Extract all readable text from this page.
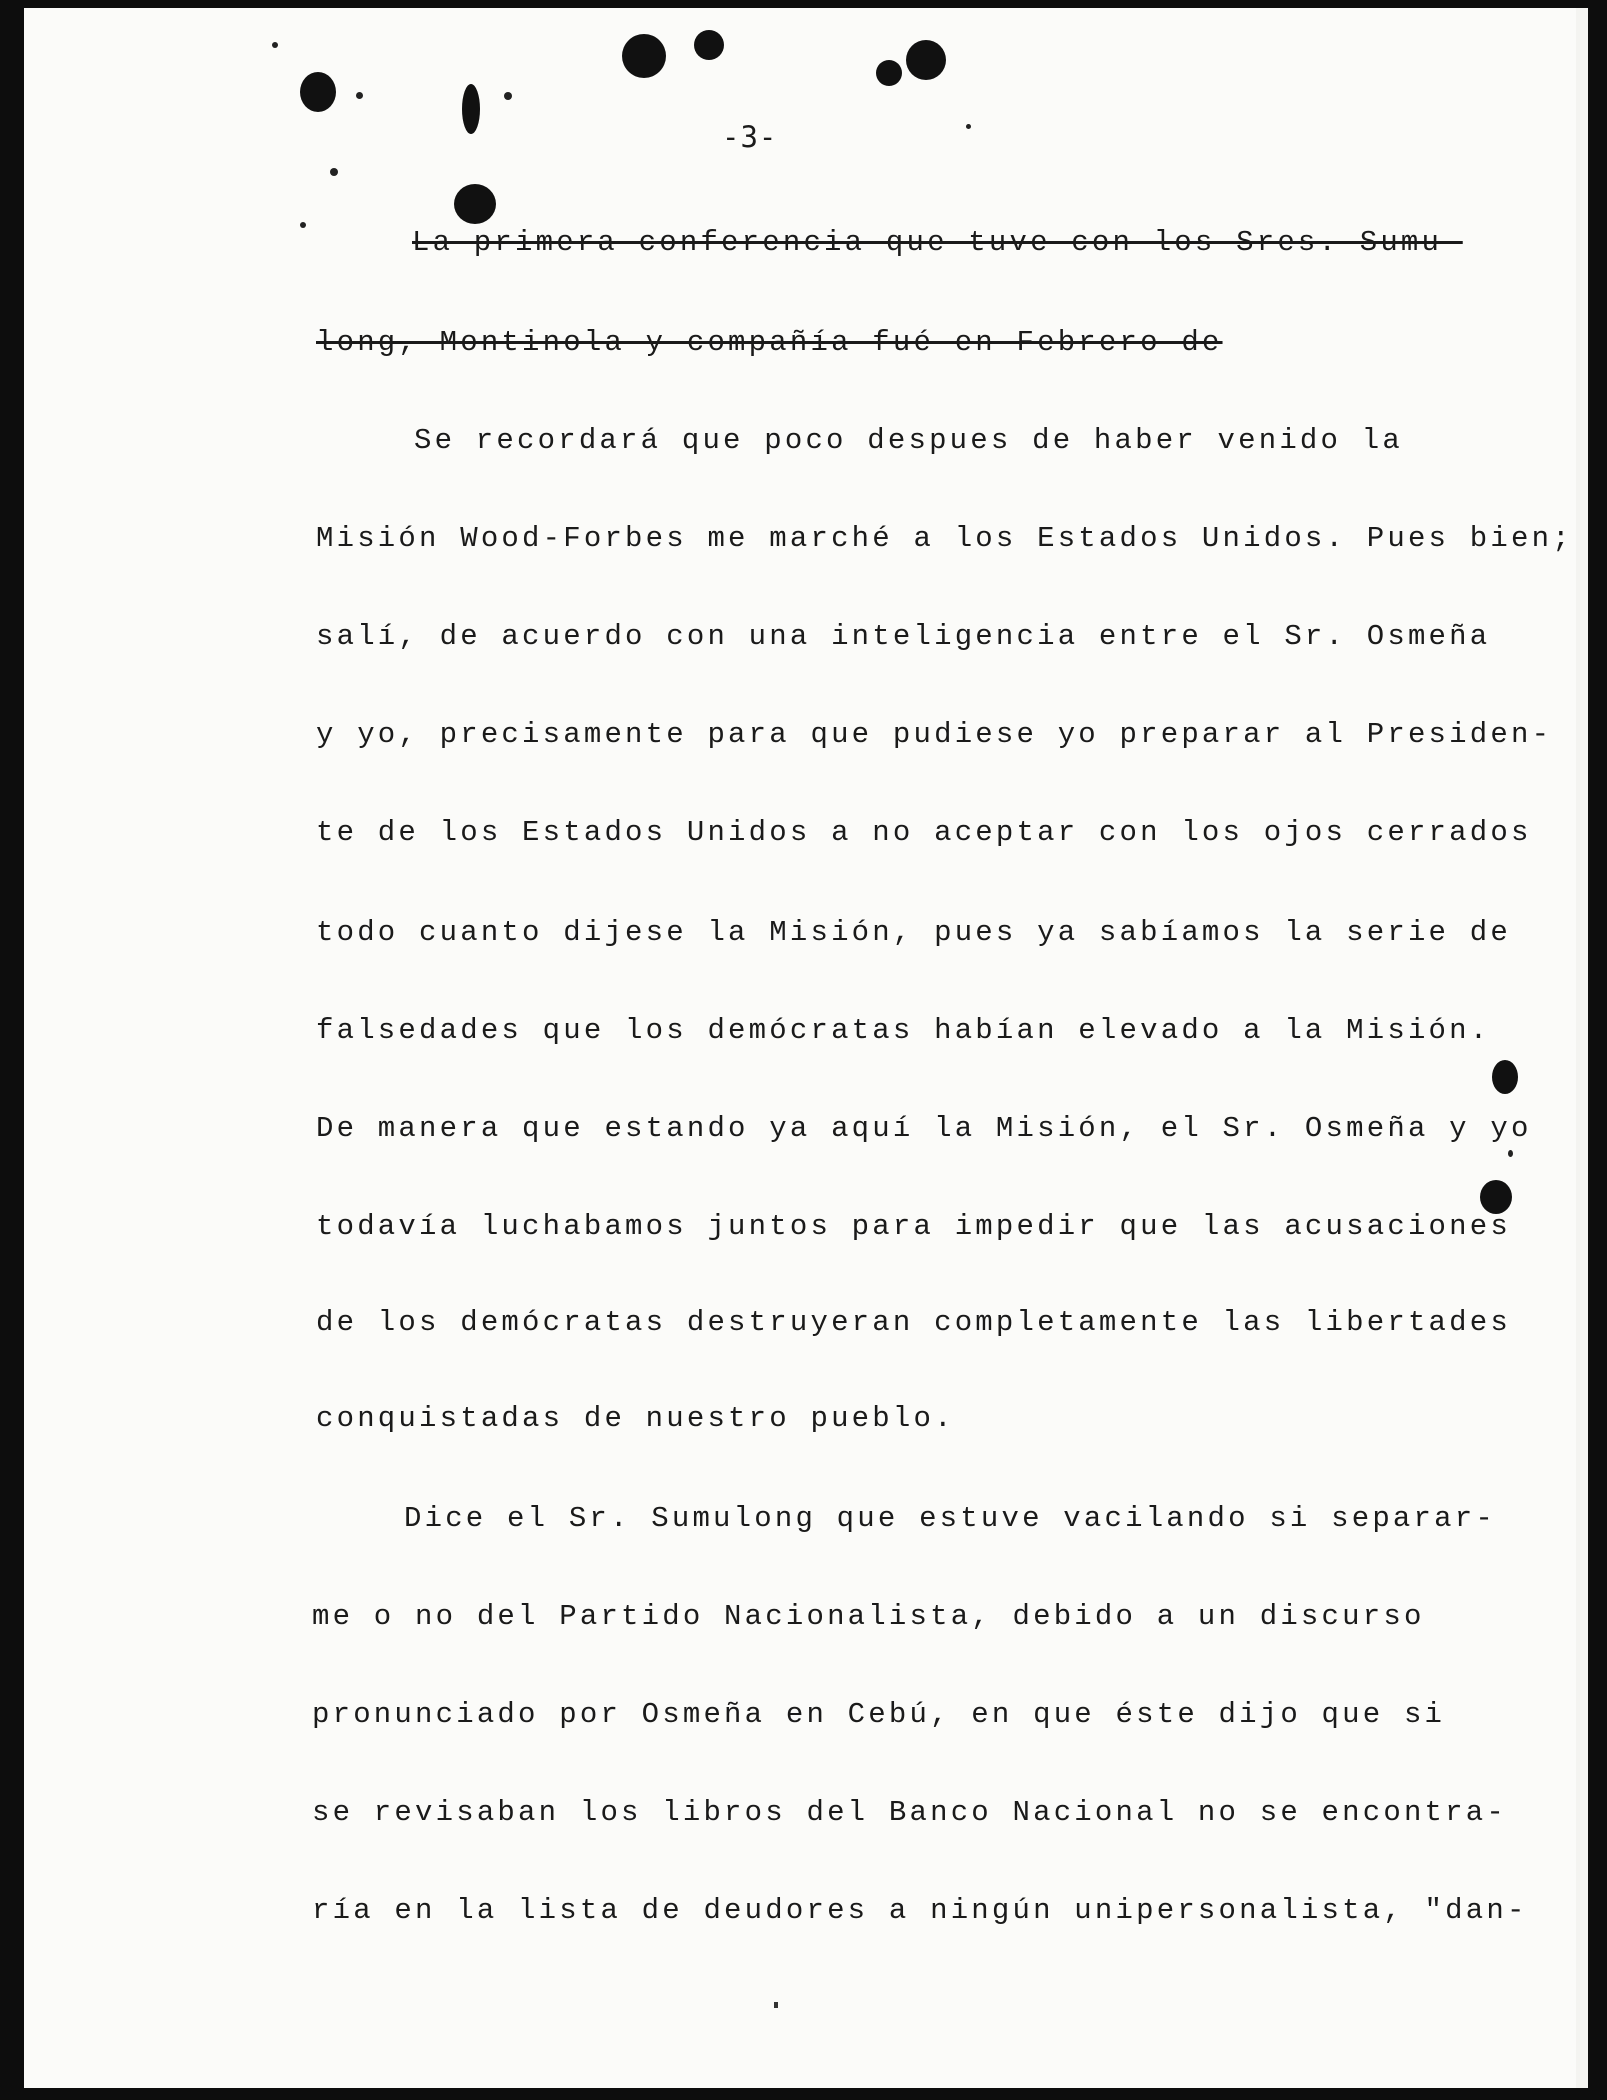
-3-
La primera conferencia que tuve con los Sres. Sumu-
long, Montinola y compañía fué en Febrero de
Se recordará que poco despues de haber venido la
Misión Wood-Forbes me marché a los Estados Unidos. Pues bien;
salí, de acuerdo con una inteligencia entre el Sr. Osmeña
y yo, precisamente para que pudiese yo preparar al Presiden-
te de los Estados Unidos a no aceptar con los ojos cerrados
todo cuanto dijese la Misión, pues ya sabíamos la serie de
falsedades que los demócratas habían elevado a la Misión.
De manera que estando ya aquí la Misión, el Sr. Osmeña y yo
todavía luchabamos juntos para impedir que las acusaciones
de los demócratas destruyeran completamente las libertades
conquistadas de nuestro pueblo.
Dice el Sr. Sumulong que estuve vacilando si separar-
me o no del Partido Nacionalista, debido a un discurso
pronunciado por Osmeña en Cebú, en que éste dijo que si
se revisaban los libros del Banco Nacional no se encontra-
ría en la lista de deudores a ningún unipersonalista, "dan-
